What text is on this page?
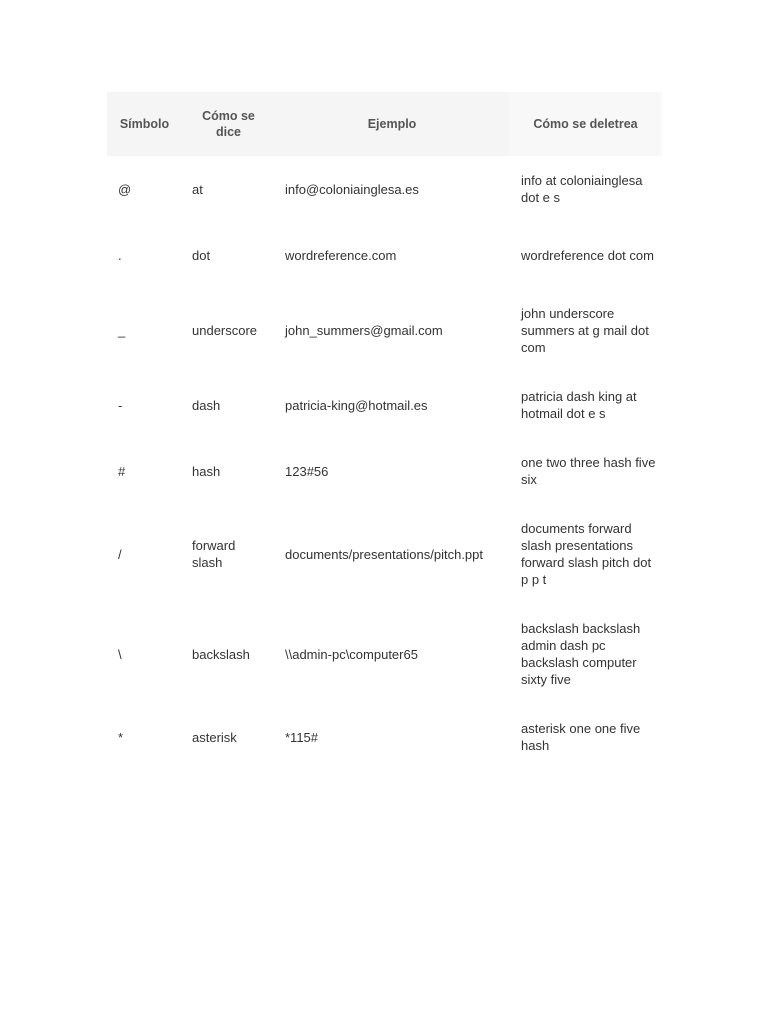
Símbolo	Cómo se dice	Ejemplo	Cómo se deletrea
@	at	info@coloniainglesa.es	info at coloniainglesa dot e s
.	dot	wordreference.com	wordreference dot com
_	underscore	john_summers@gmail.com	john underscore summers at g mail dot com
-	dash	patricia-king@hotmail.es	patricia dash king at hotmail dot e s
#	hash	123#56	one two three hash five six
/	forward slash	documents/presentations/pitch.ppt	documents forward slash presentations forward slash pitch dot p p t
\	backslash	\\admin-pc\computer65	backslash backslash admin dash pc backslash computer sixty five
*	asterisk	*115#	asterisk one one five hash
